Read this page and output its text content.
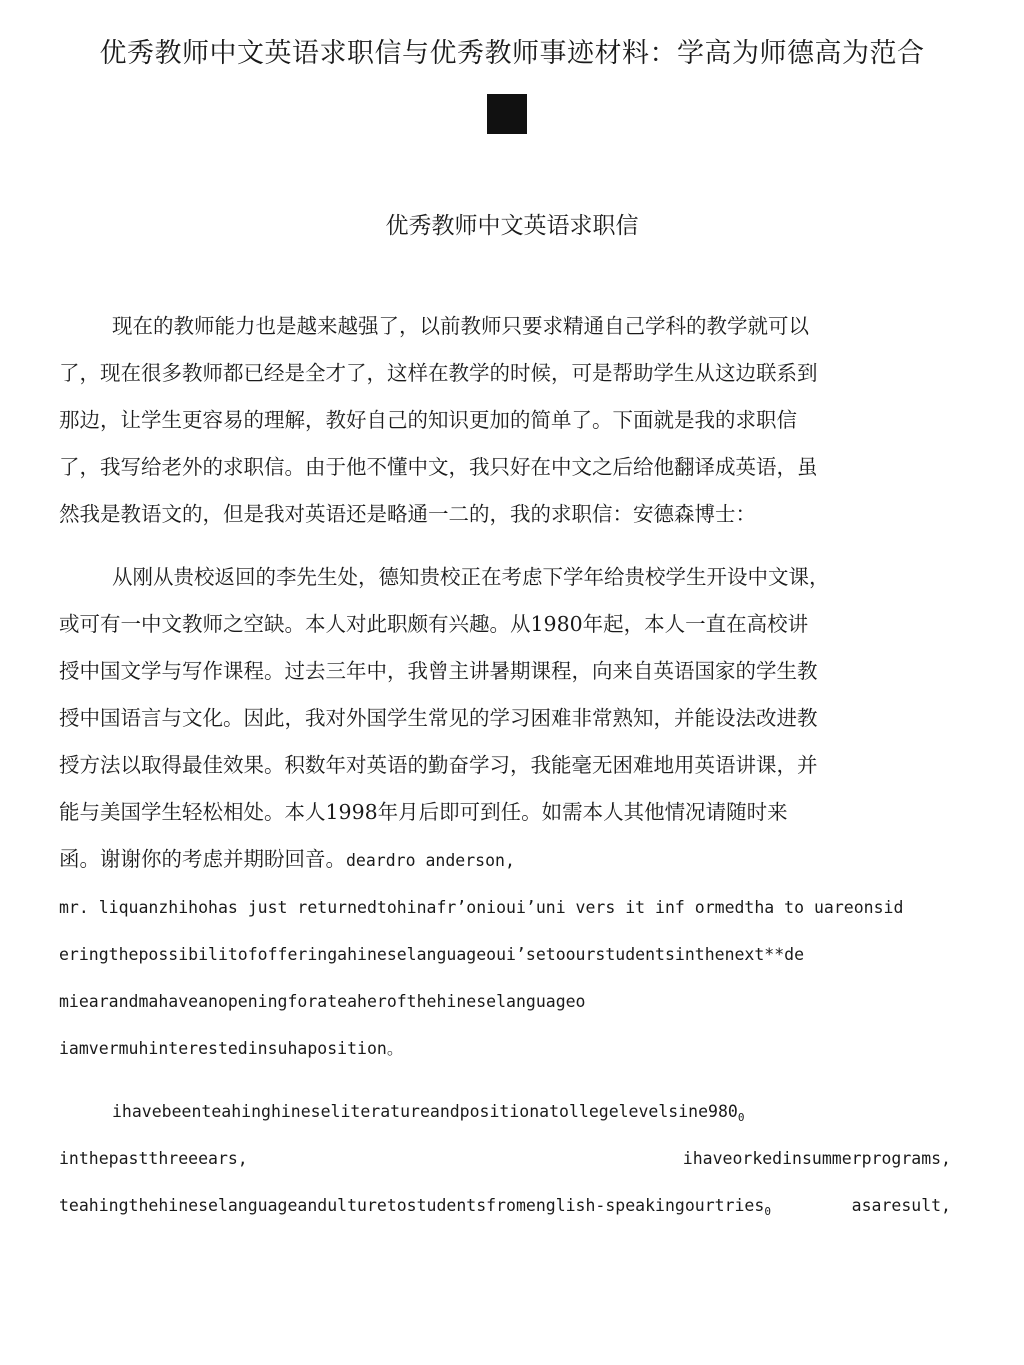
优秀教师中文英语求职信与优秀教师事迹材料：学高为师德高为范合
优秀教师中文英语求职信
现在的教师能力也是越来越强了，以前教师只要求精通自己学科的教学就可以
了，现在很多教师都已经是全才了，这样在教学的时候，可是帮助学生从这边联系到
那边，让学生更容易的理解，教好自己的知识更加的简单了。下面就是我的求职信
了，我写给老外的求职信。由于他不懂中文，我只好在中文之后给他翻译成英语，虽
然我是教语文的，但是我对英语还是略通一二的，我的求职信：安德森博士：
从刚从贵校返回的李先生处，德知贵校正在考虑下学年给贵校学生开设中文课，
或可有一中文教师之空缺。本人对此职颇有兴趣。从1980年起，本人一直在高校讲
授中国文学与写作课程。过去三年中，我曾主讲暑期课程，向来自英语国家的学生教
授中国语言与文化。因此，我对外国学生常见的学习困难非常熟知，并能设法改进教
授方法以取得最佳效果。积数年对英语的勤奋学习，我能毫无困难地用英语讲课，并
能与美国学生轻松相处。本人1998年月后即可到任。如需本人其他情况请随时来
函。谢谢你的考虑并期盼回音。deardro anderson,
mr. liquanzhihohas just returnedtohinafr’onioui’uni vers it inf ormedtha to uareonsid
eringthepossibilitofofferingahineselanguageoui’setoourstudentsinthenext**de
miearandmahaveanopeningforateaherofthehineselanguageo
iamvermuhinterestedinsuhaposition。
$ihavebeenteahinghineseliteratureandpositionatollegelevelsine980_0$
inthepastthreeears,	ihaveorkedinsummerprograms,
teahingthehineselanguageandulturetostudentsfromenglish-speakingourtries$_0$	asaresult,
